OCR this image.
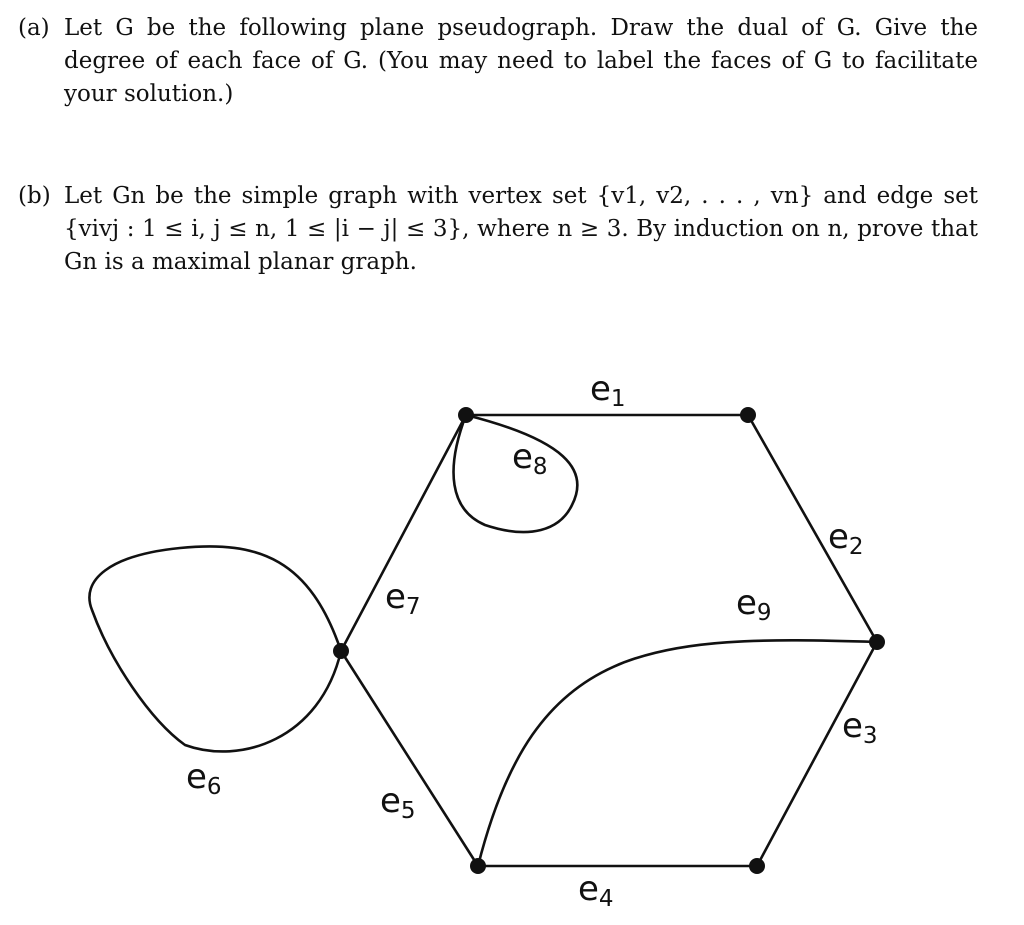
(a) Let G be the following plane pseudograph. Draw the dual of G. Give the degree of each face of G. (You may need to label the faces of G to facilitate your solution.)
(b) Let Gn be the simple graph with vertex set {v1, v2, . . . , vn} and edge set {vivj : 1 ≤ i, j ≤ n, 1 ≤ |i − j| ≤ 3}, where n ≥ 3. By induction on n, prove that Gn is a maximal planar graph.
e1
e2
e3
e4
e5
e6
e7
e8
e9
